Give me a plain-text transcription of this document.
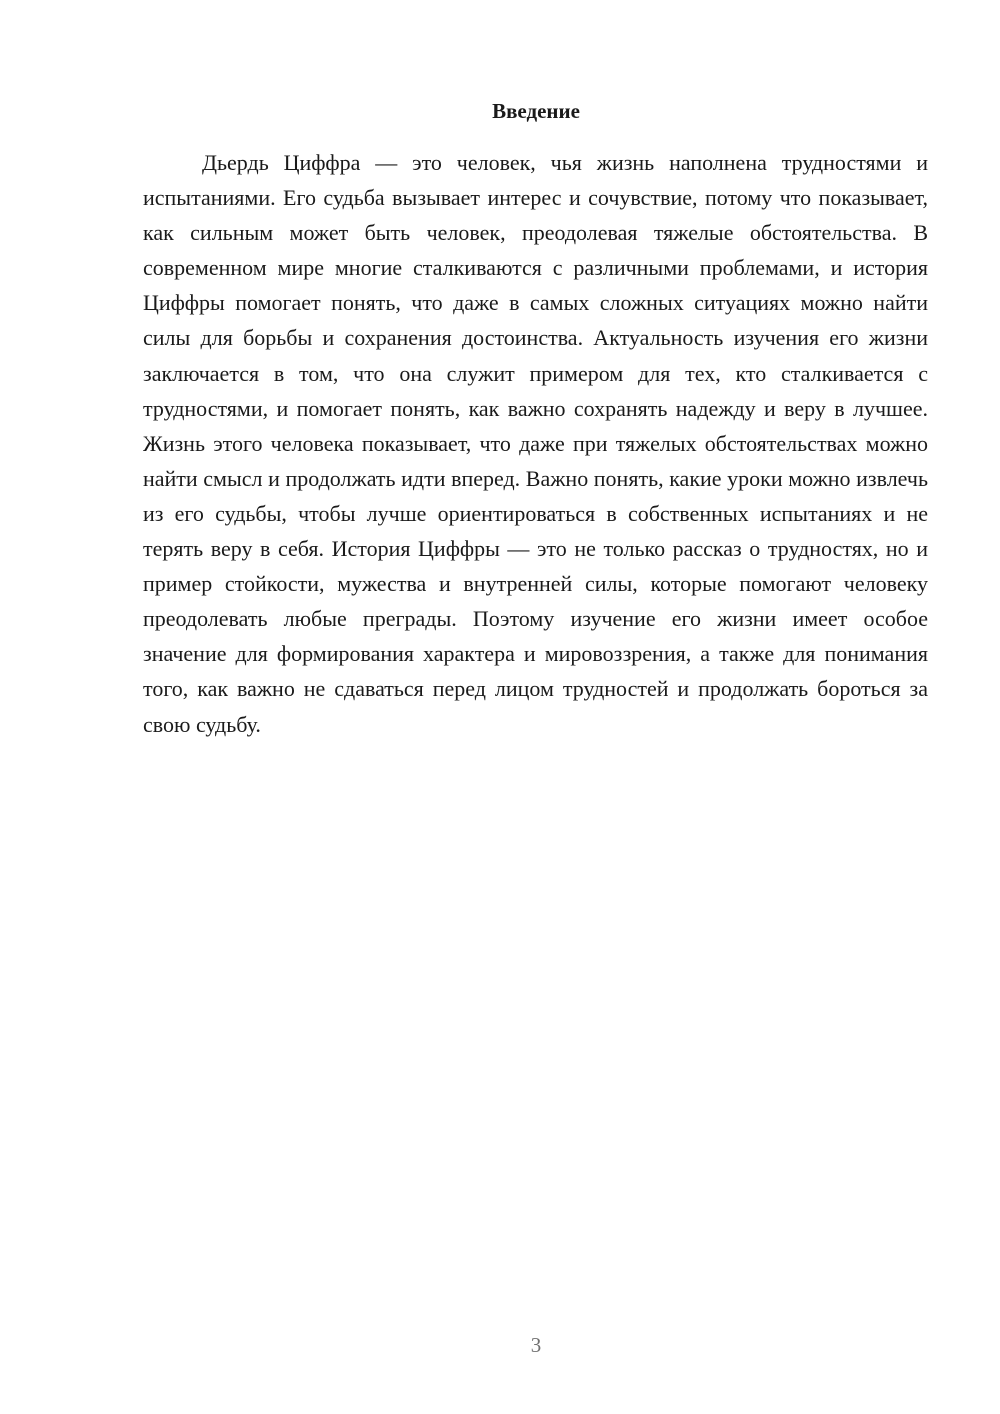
Введение

Дьердь Циффра — это человек, чья жизнь наполнена трудностями и испытаниями. Его судьба вызывает интерес и сочувствие, потому что показывает, как сильным может быть человек, преодолевая тяжелые обстоятельства. В современном мире многие сталкиваются с различными проблемами, и история Циффры помогает понять, что даже в самых сложных ситуациях можно найти силы для борьбы и сохранения достоинства. Актуальность изучения его жизни заключается в том, что она служит примером для тех, кто сталкивается с трудностями, и помогает понять, как важно сохранять надежду и веру в лучшее. Жизнь этого человека показывает, что даже при тяжелых обстоятельствах можно найти смысл и продолжать идти вперед. Важно понять, какие уроки можно извлечь из его судьбы, чтобы лучше ориентироваться в собственных испытаниях и не терять веру в себя. История Циффры — это не только рассказ о трудностях, но и пример стойкости, мужества и внутренней силы, которые помогают человеку преодолевать любые преграды. Поэтому изучение его жизни имеет особое значение для формирования характера и мировоззрения, а также для понимания того, как важно не сдаваться перед лицом трудностей и продолжать бороться за свою судьбу.

3
